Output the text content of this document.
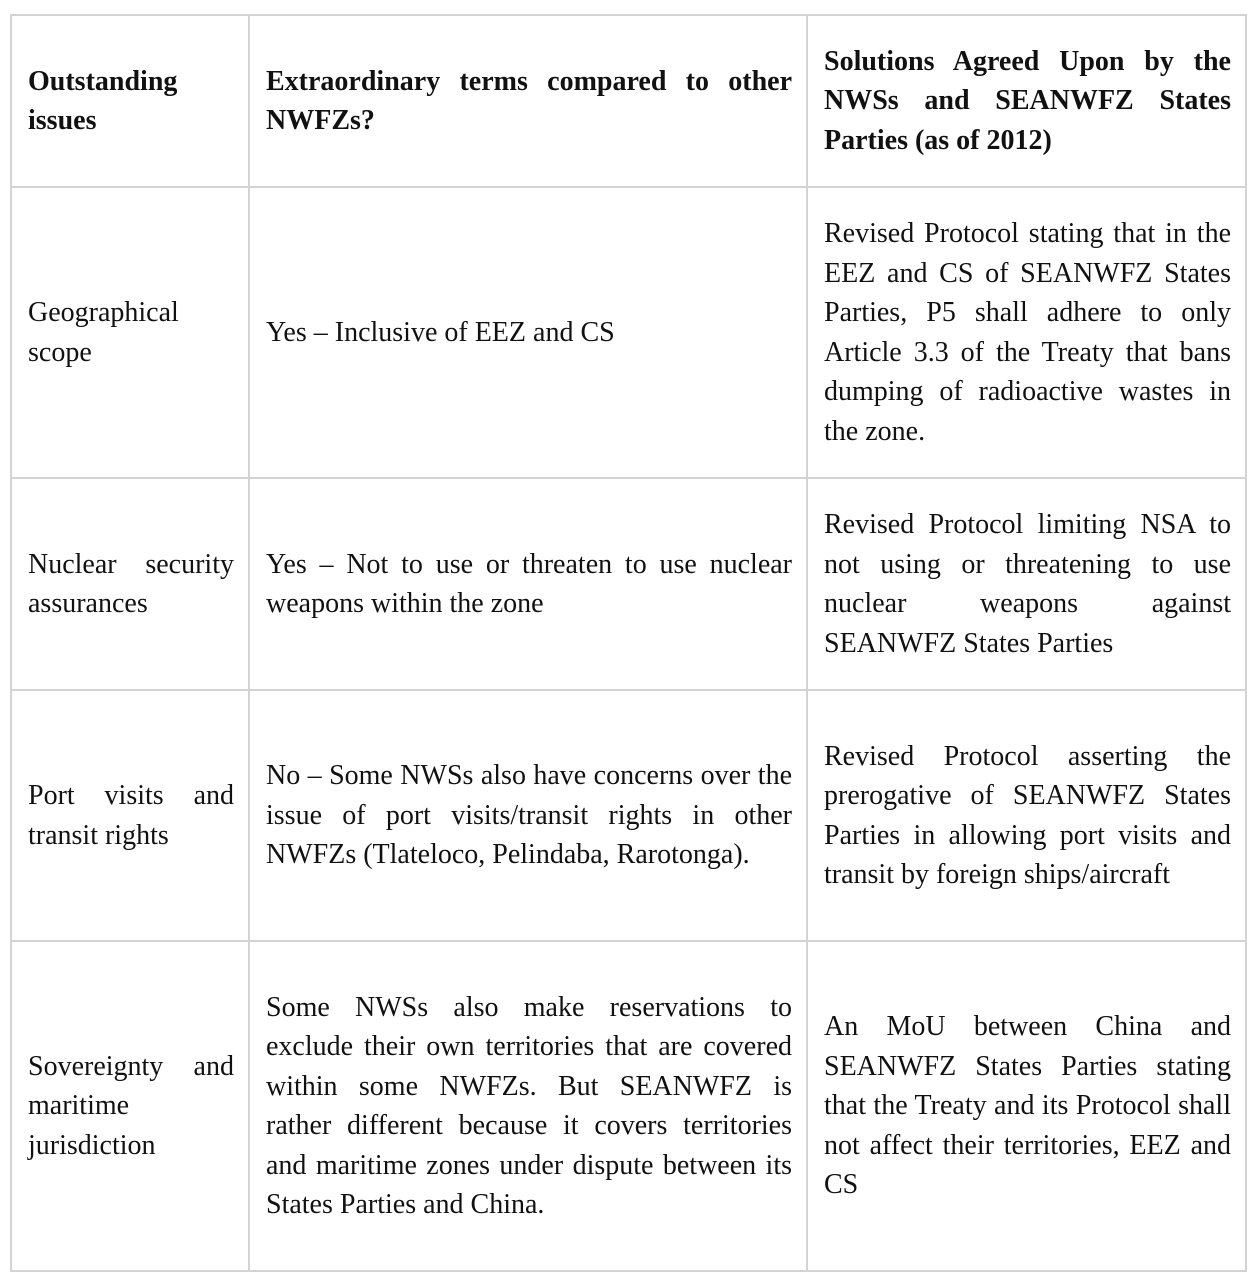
Outstanding issues	Extraordinary terms compared to other NWFZs?	Solutions Agreed Upon by the NWSs and SEANWFZ States Parties (as of 2012)

Geographical scope	Yes – Inclusive of EEZ and CS	Revised Protocol stating that in the EEZ and CS of SEANWFZ States Parties, P5 shall adhere to only Article 3.3 of the Treaty that bans dumping of radioactive wastes in the zone.

Nuclear security assurances	Yes – Not to use or threaten to use nuclear weapons within the zone	Revised Protocol limiting NSA to not using or threatening to use nuclear weapons against SEANWFZ States Parties

Port visits and transit rights	No – Some NWSs also have concerns over the issue of port visits/transit rights in other NWFZs (Tlateloco, Pelindaba, Rarotonga).	Revised Protocol asserting the prerogative of SEANWFZ States Parties in allowing port visits and transit by foreign ships/aircraft

Sovereignty and maritime jurisdiction	Some NWSs also make reservations to exclude their own territories that are covered within some NWFZs. But SEANWFZ is rather different because it covers territories and maritime zones under dispute between its States Parties and China.	An MoU between China and SEANWFZ States Parties stating that the Treaty and its Protocol shall not affect their territories, EEZ and CS
